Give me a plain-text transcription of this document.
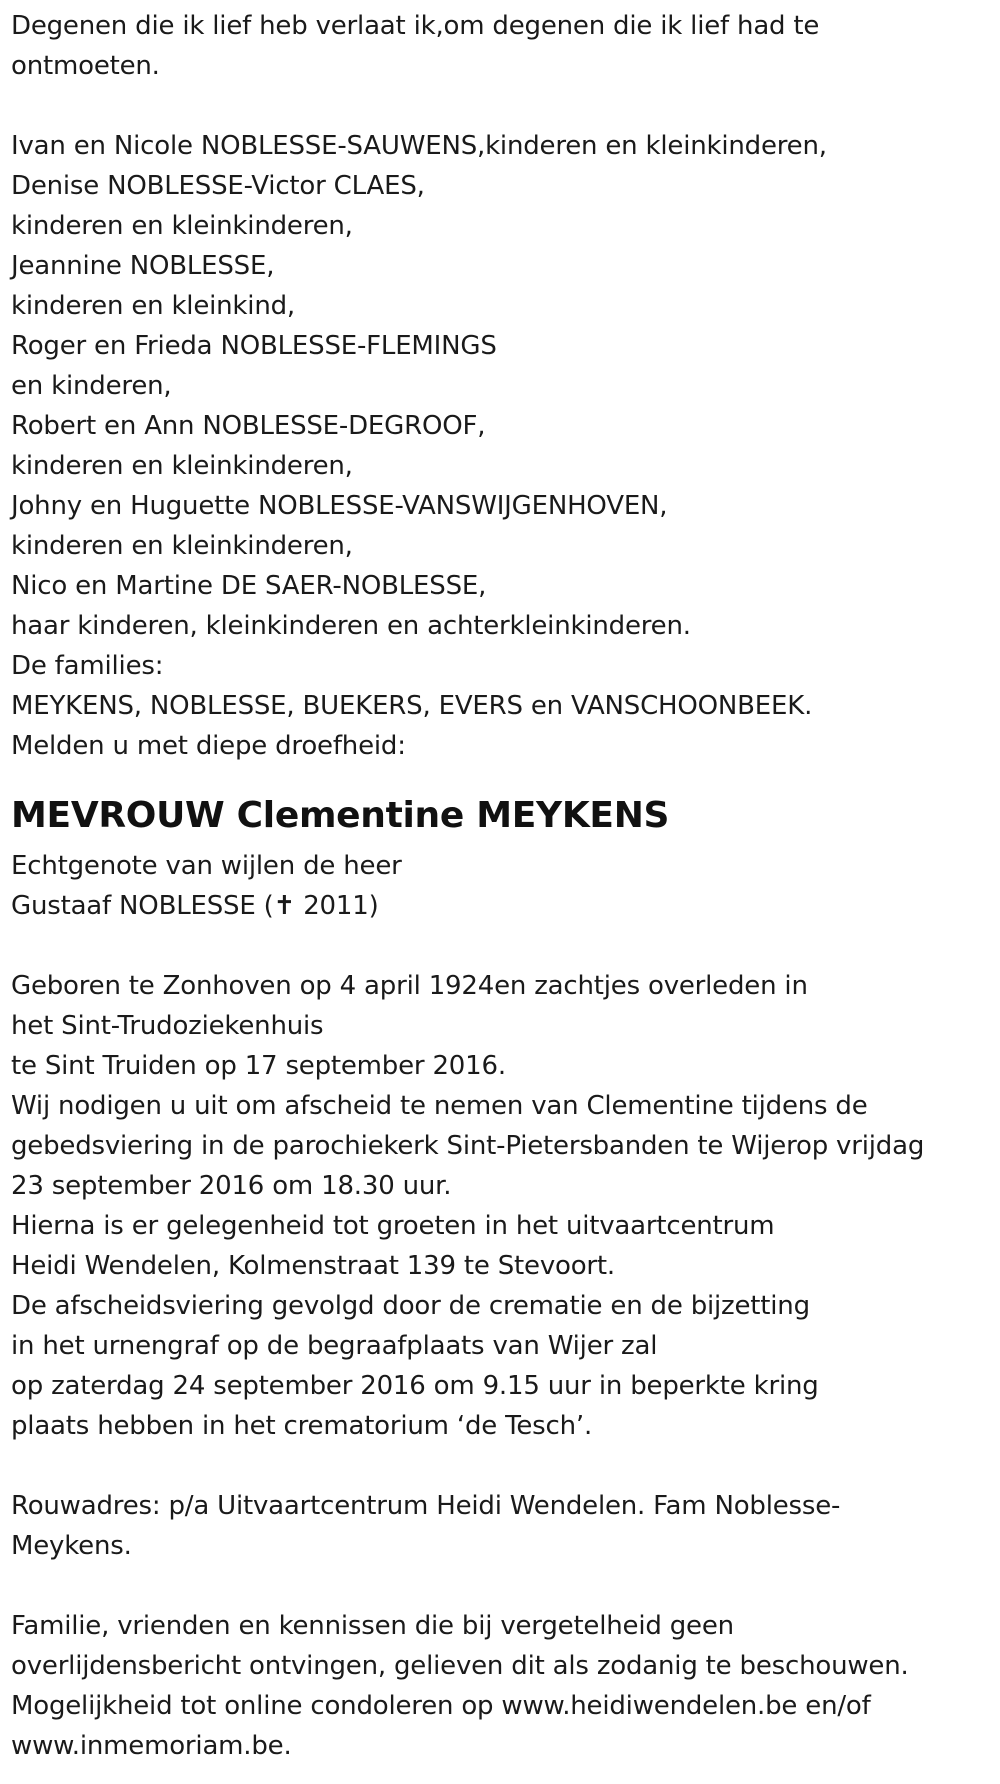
Degenen die ik lief heb verlaat ik,om degenen die ik lief had te
ontmoeten.
Ivan en Nicole NOBLESSE-SAUWENS,kinderen en kleinkinderen,
Denise NOBLESSE-Victor CLAES,
kinderen en kleinkinderen,
Jeannine NOBLESSE,
kinderen en kleinkind,
Roger en Frieda NOBLESSE-FLEMINGS
en kinderen,
Robert en Ann NOBLESSE-DEGROOF,
kinderen en kleinkinderen,
Johny en Huguette NOBLESSE-VANSWIJGENHOVEN,
kinderen en kleinkinderen,
Nico en Martine DE SAER-NOBLESSE,
haar kinderen, kleinkinderen en achterkleinkinderen.
De families:
MEYKENS, NOBLESSE, BUEKERS, EVERS en VANSCHOONBEEK.
Melden u met diepe droefheid:
MEVROUW Clementine MEYKENS
Echtgenote van wijlen de heer
Gustaaf NOBLESSE (✝ 2011)
Geboren te Zonhoven op 4 april 1924en zachtjes overleden in
het Sint-Trudoziekenhuis
te Sint Truiden op 17 september 2016.
Wij nodigen u uit om afscheid te nemen van Clementine tijdens de
gebedsviering in de parochiekerk Sint-Pietersbanden te Wijerop vrijdag
23 september 2016 om 18.30 uur.
Hierna is er gelegenheid tot groeten in het uitvaartcentrum
Heidi Wendelen, Kolmenstraat 139 te Stevoort.
De afscheidsviering gevolgd door de crematie en de bijzetting
in het urnengraf op de begraafplaats van Wijer zal
op zaterdag 24 september 2016 om 9.15 uur in beperkte kring
plaats hebben in het crematorium ‘de Tesch’.
Rouwadres: p/a Uitvaartcentrum Heidi Wendelen. Fam Noblesse-
Meykens.
Familie, vrienden en kennissen die bij vergetelheid geen
overlijdensbericht ontvingen, gelieven dit als zodanig te beschouwen.
Mogelijkheid tot online condoleren op www.heidiwendelen.be en/of
www.inmemoriam.be.
